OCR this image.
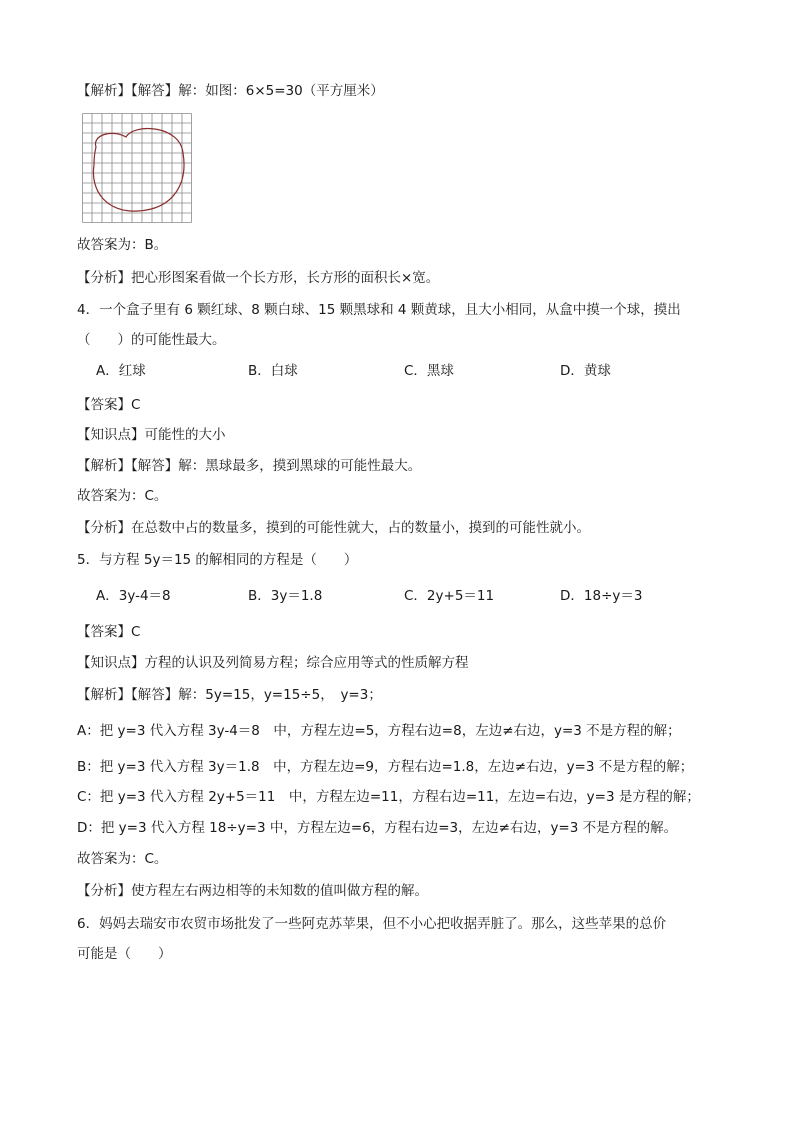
【解析】【解答】解：如图：6×5=30（平方厘米）
故答案为：B。
【分析】把心形图案看做一个长方形，长方形的面积长×宽。
4．一个盒子里有 6 颗红球、8 颗白球、15 颗黑球和 4 颗黄球，且大小相同，从盒中摸一个球，摸出
（　　）的可能性最大。
A．红球	B．白球	C．黑球	D．黄球
【答案】C
【知识点】可能性的大小
【解析】【解答】解：黑球最多，摸到黑球的可能性最大。
故答案为：C。
【分析】在总数中占的数量多，摸到的可能性就大，占的数量小，摸到的可能性就小。
5．与方程 5y＝15 的解相同的方程是（　　）
A．3y-4＝8	B．3y＝1.8	C．2y+5＝11	D．18÷y＝3
【答案】C
【知识点】方程的认识及列简易方程；综合应用等式的性质解方程
【解析】【解答】解：5y=15，y=15÷5，　y=3；
A：把 y=3 代入方程 3y-4＝8　中，方程左边=5，方程右边=8，左边≠右边，y=3 不是方程的解；
B：把 y=3 代入方程 3y＝1.8　中，方程左边=9，方程右边=1.8，左边≠右边，y=3 不是方程的解；
C：把 y=3 代入方程 2y+5＝11　中，方程左边=11，方程右边=11，左边=右边，y=3 是方程的解；
D：把 y=3 代入方程 18÷y=3 中，方程左边=6，方程右边=3，左边≠右边，y=3 不是方程的解。
故答案为：C。
【分析】使方程左右两边相等的未知数的值叫做方程的解。
6．妈妈去瑞安市农贸市场批发了一些阿克苏苹果，但不小心把收据弄脏了。那么，这些苹果的总价
可能是（　　）
